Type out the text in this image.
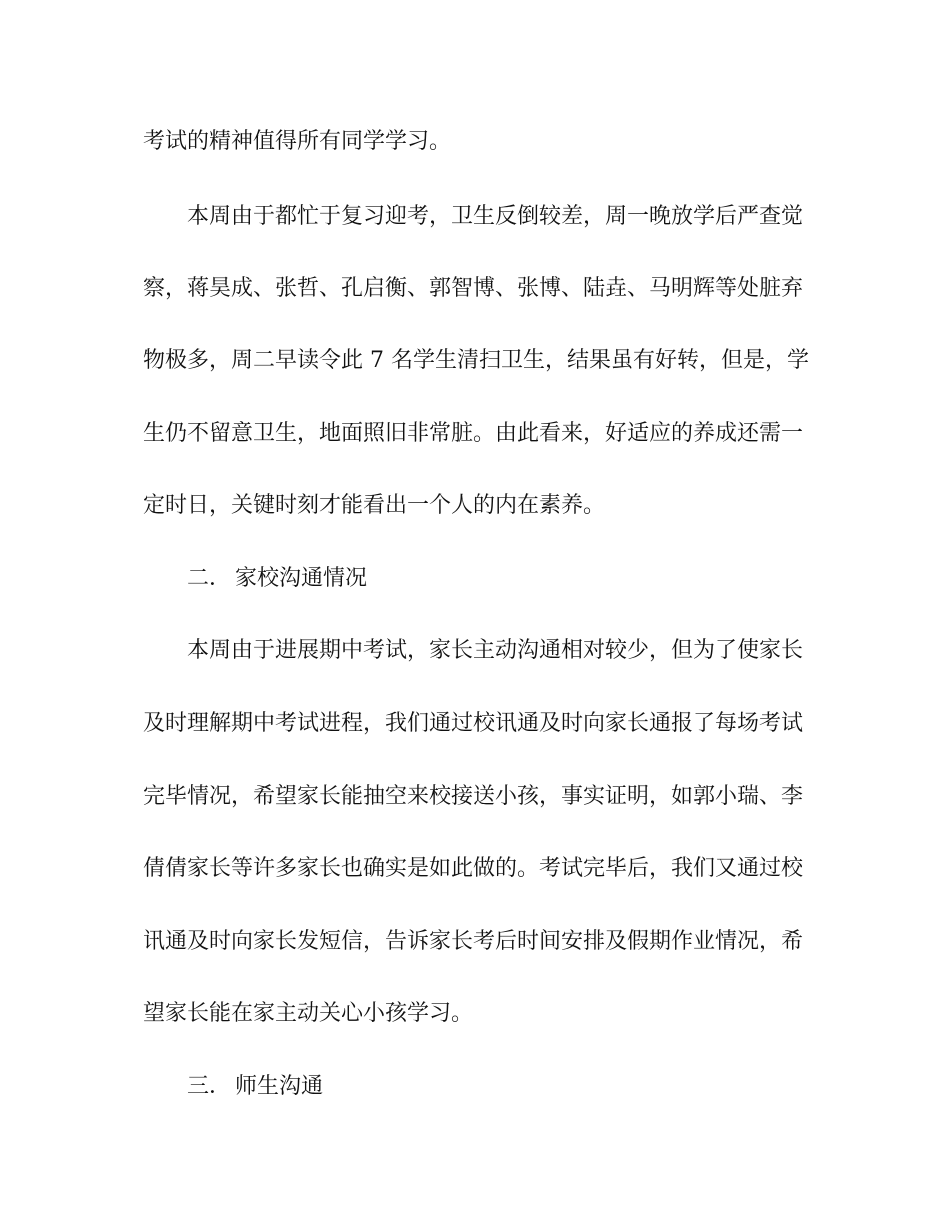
考试的精神值得所有同学学习。
本周由于都忙于复习迎考，卫生反倒较差，周一晚放学后严查觉
察，蒋昊成、张哲、孔启衡、郭智博、张博、陆垚、马明辉等处脏弃
物极多，周二早读令此 7 名学生清扫卫生，结果虽有好转，但是，学
生仍不留意卫生，地面照旧非常脏。由此看来，好适应的养成还需一
定时日，关键时刻才能看出一个人的内在素养。
二． 家校沟通情况
本周由于进展期中考试，家长主动沟通相对较少，但为了使家长
及时理解期中考试进程，我们通过校讯通及时向家长通报了每场考试
完毕情况，希望家长能抽空来校接送小孩，事实证明，如郭小瑞、李
倩倩家长等许多家长也确实是如此做的。考试完毕后，我们又通过校
讯通及时向家长发短信，告诉家长考后时间安排及假期作业情况，希
望家长能在家主动关心小孩学习。
三． 师生沟通
